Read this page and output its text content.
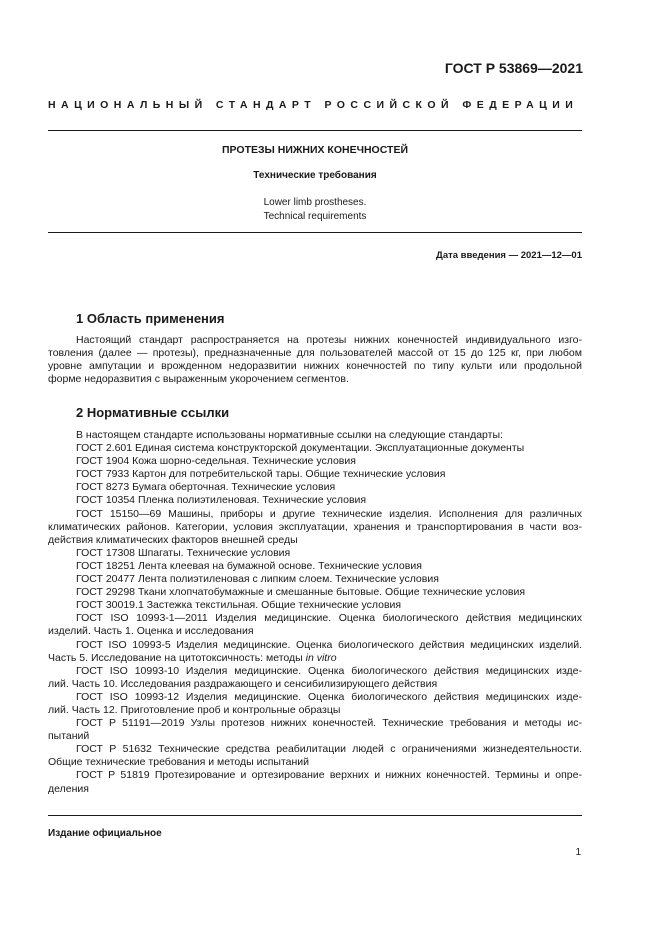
ГОСТ Р 53869—2021
НАЦИОНАЛЬНЫЙ СТАНДАРТ РОССИЙСКОЙ ФЕДЕРАЦИИ
ПРОТЕЗЫ НИЖНИХ КОНЕЧНОСТЕЙ
Технические требования
Lower limb prostheses.
Technical requirements
Дата введения — 2021—12—01
1 Область применения

Настоящий стандарт распространяется на протезы нижних конечностей индивидуального изго-

товления (далее — протезы), предназначенные для пользователей массой от 15 до 125 кг, при любом

уровне ампутации и врожденном недоразвитии нижних конечностей по типу культи или продольной

форме недоразвития с выраженным укорочением сегментов.

2 Нормативные ссылки

В настоящем стандарте использованы нормативные ссылки на следующие стандарты:

ГОСТ 2.601 Единая система конструкторской документации. Эксплуатационные документы

ГОСТ 1904 Кожа шорно-седельная. Технические условия

ГОСТ 7933 Картон для потребительской тары. Общие технические условия

ГОСТ 8273 Бумага оберточная. Технические условия

ГОСТ 10354 Пленка полиэтиленовая. Технические условия

ГОСТ 15150—69 Машины, приборы и другие технические изделия. Исполнения для различных

климатических районов. Категории, условия эксплуатации, хранения и транспортирования в части воз-

действия климатических факторов внешней среды

ГОСТ 17308 Шпагаты. Технические условия

ГОСТ 18251 Лента клеевая на бумажной основе. Технические условия

ГОСТ 20477 Лента полиэтиленовая с липким слоем. Технические условия

ГОСТ 29298 Ткани хлопчатобумажные и смешанные бытовые. Общие технические условия

ГОСТ 30019.1 Застежка текстильная. Общие технические условия

ГОСТ ISO 10993-1—2011 Изделия медицинские. Оценка биологического действия медицинских

изделий. Часть 1. Оценка и исследования

ГОСТ ISO 10993-5 Изделия медицинские. Оценка биологического действия медицинских изделий.

Часть 5. Исследование на цитотоксичность: методы in vitro

ГОСТ ISO 10993-10 Изделия медицинские. Оценка биологического действия медицинских изде-

лий. Часть 10. Исследования раздражающего и сенсибилизирующего действия

ГОСТ ISO 10993-12 Изделия медицинские. Оценка биологического действия медицинских изде-

лий. Часть 12. Приготовление проб и контрольные образцы

ГОСТ Р 51191—2019 Узлы протезов нижних конечностей. Технические требования и методы ис-

пытаний

ГОСТ Р 51632 Технические средства реабилитации людей с ограничениями жизнедеятельности.

Общие технические требования и методы испытаний

ГОСТ Р 51819 Протезирование и ортезирование верхних и нижних конечностей. Термины и опре-

деления

Издание официальное
1
